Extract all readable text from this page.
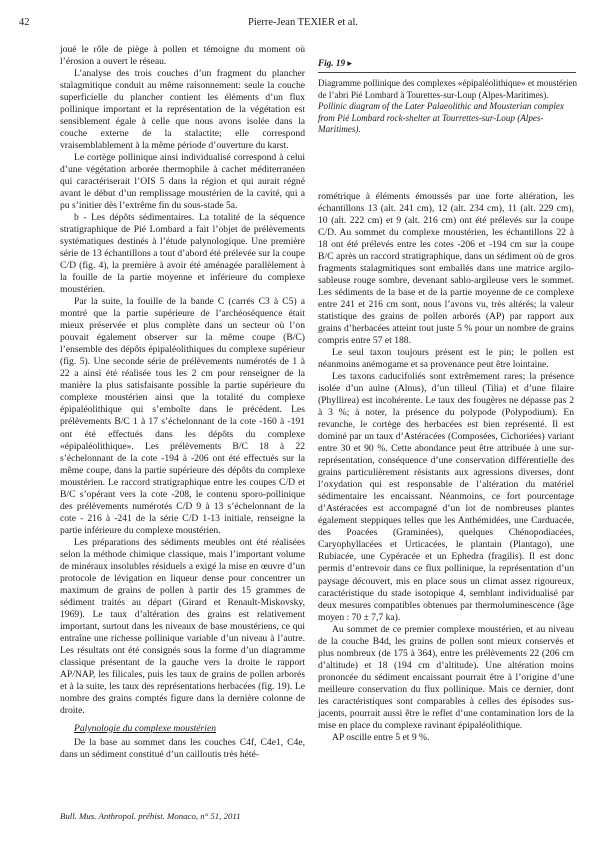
42	Pierre-Jean TEXIER et al.
Fig. 19 ▸
Diagramme pollinique des complexes «épipaléolithique» et moustérien de l’abri Pié Lombard à Tourettes-sur-Loup (Alpes-Maritimes).
Pollinic diagram of the Later Palaeolithic and Mousterian complex from Pié Lombard rock-shelter at Tourrettes-sur-Loup (Alpes-Maritimes).

joué le rôle de piège à pollen et témoigne du moment où l’érosion a ouvert le réseau.

L’analyse des trois couches d’un fragment du plancher stalagmitique conduit au même raisonnement: seule la couche superficielle du plancher contient les éléments d’un flux pollinique important et la représentation de la végétation est sensiblement égale à celle que nous avons isolée dans la couche externe de la stalactite; elle correspond vraisemblablement à la même période d’ouverture du karst.

Le cortège pollinique ainsi individualisé correspond à celui d’une végétation arborée thermophile à cachet méditerranéen qui caractériserait l’OIS 5 dans la région et qui aurait régné avant le début d’un remplissage moustérien de la cavité, qui a pu s’initier dès l’extrême fin du sous-stade 5a.

b - Les dépôts sédimentaires. La totalité de la séquence stratigraphique de Pié Lombard a fait l’objet de prélèvements systématiques destinés à l’étude palynologique. Une première série de 13 échantillons a tout d’abord été prélevée sur la coupe C/D (fig. 4), la première à avoir été aménagée parallèlement à la fouille de la partie moyenne et inférieure du complexe moustérien.

Par la suite, la fouille de la bande C (carrés C3 à C5) a montré que la partie supérieure de l’archéoséquence était mieux préservée et plus complète dans un secteur où l’on pouvait également observer sur la même coupe (B/C) l’ensemble des dépôts épipaléolithiques du complexe supérieur (fig. 5). Une seconde série de prélèvements numérotés de 1 à 22 a ainsi été réalisée tous les 2 cm pour renseigner de la manière la plus satisfaisante possible la partie supérieure du complexe moustérien ainsi que la totalité du complexe épipaléolithique qui s’emboîte dans le précédent. Les prélèvements B/C 1 à 17 s’échelonnant de la cote -160 à -191 ont été effectués dans les dépôts du complexe «épipaléolithique». Les prélèvements B/C 18 à 22 s’échelonnant de la cote -194 à -206 ont été effectués sur la même coupe, dans la partie supérieure des dépôts du complexe moustérien. Le raccord stratigraphique entre les coupes C/D et B/C s’opérant vers la cote -208, le contenu sporo-pollinique des prélèvements numérotés C/D 9 à 13 s’échelonnant de la cote - 216 à -241 de la série C/D 1-13 initiale, renseigne la partie inférieure du complexe moustérien.

Les préparations des sédiments meubles ont été réalisées selon la méthode chimique classique, mais l’important volume de minéraux insolubles résiduels a exigé la mise en œuvre d’un protocole de lévigation en liqueur dense pour concentrer un maximum de grains de pollen à partir des 15 grammes de sédiment traités au départ (Girard et Renault-Miskovsky, 1969). Le taux d’altération des grains est relativement important, surtout dans les niveaux de base moustériens, ce qui entraîne une richesse pollinique variable d’un niveau à l’autre. Les résultats ont été consignés sous la forme d’un diagramme classique présentant de la gauche vers la droite le rapport AP/NAP, les filicales, puis les taux de grains de pollen arborés et à la suite, les taux des représentations herbacées (fig. 19). Le nombre des grains comptés figure dans la dernière colonne de droite.

Palynologie du complexe moustérien

De la base au sommet dans les couches C4f, C4e1, C4e, dans un sédiment constitué d’un cailloutis très hété-

rométrique à éléments émoussés par une forte altération, les échantillons 13 (alt. 241 cm), 12 (alt. 234 cm), 11 (alt. 229 cm), 10 (alt. 222 cm) et 9 (alt. 216 cm) ont été prélevés sur la coupe C/D. Au sommet du complexe moustérien, les échantillons 22 à 18 ont été prélevés entre les cotes -206 et -194 cm sur la coupe B/C après un raccord stratigraphique, dans un sédiment où de gros fragments stalagmitiques sont emballés dans une matrice argilo-sableuse rouge sombre, devenant sablo-argileuse vers le sommet. Les sédiments de la base et de la partie moyenne de ce complexe entre 241 et 216 cm sont, nous l’avons vu, très altérés; la valeur statistique des grains de pollen arborés (AP) par rapport aux grains d’herbacées atteint tout juste 5 % pour un nombre de grains compris entre 57 et 188.

Le seul taxon toujours présent est le pin; le pollen est néanmoins anémogame et sa provenance peut être lointaine.

Les taxons caducifoliés sont extrêmement rares; la présence isolée d’un aulne (Alnus), d’un tilleul (Tilia) et d’une filaire (Phyllirea) est incohérente. Le taux des fougères ne dépasse pas 2 à 3 %; à noter, la présence du polypode (Polypodium). En revanche, le cortège des herbacées est bien représenté. Il est dominé par un taux d’Astéracées (Composées, Cichoriées) variant entre 30 et 90 %. Cette abondance peut être attribuée à une sur-représentation, conséquence d’une conservation différentielle des grains particulièrement résistants aux agressions diverses, dont l’oxydation qui est responsable de l’altération du matériel sédimentaire les encaissant. Néanmoins, ce fort pourcentage d’Astéracées est accompagné d’un lot de nombreuses plantes également steppiques telles que les Anthémidées, une Carduacée, des Poacées (Graminées), quelques Chénopodiacées, Caryophyllacées et Urticacées, le plantain (Plantago), une Rubiacée, une Cypéracée et un Ephedra (fragilis). Il est donc permis d’entrevoir dans ce flux pollinique, la représentation d’un paysage découvert, mis en place sous un climat assez rigoureux, caractéristique du stade isotopique 4, semblant individualisé par deux mesures compatibles obtenues par thermoluminescence (âge moyen : 70 ± 7,7 ka).

Au sommet de ce premier complexe moustérien, et au niveau de la couche B4d, les grains de pollen sont mieux conservés et plus nombreux (de 175 à 364), entre les prélèvements 22 (206 cm d’altitude) et 18 (194 cm d’altitude). Une altération moins prononcée du sédiment encaissant pourrait être à l’origine d’une meilleure conservation du flux pollinique. Mais ce dernier, dont les caractéristiques sont comparables à celles des épisodes sus-jacents, pourrait aussi être le reflet d’une contamination lors de la mise en place du complexe ravinant épipaléolithique.

AP oscille entre 5 et 9 %.

Bull. Mus. Anthropol. préhist. Monaco, n° 51, 2011
